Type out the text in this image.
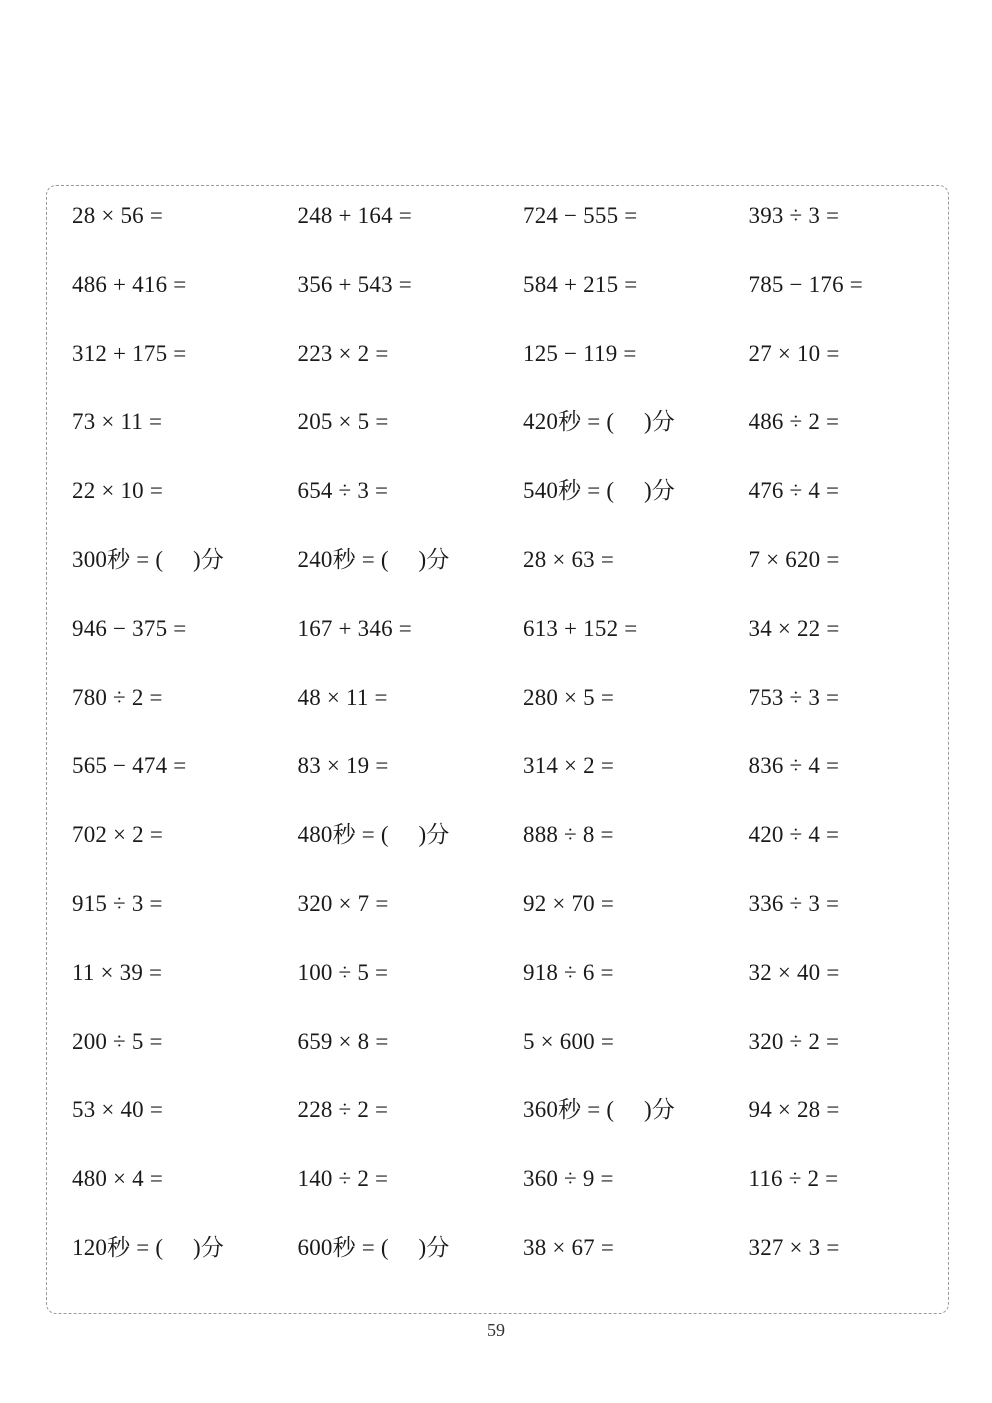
28 × 56 =	248 + 164 =	724 − 555 =	393 ÷ 3 =
486 + 416 =	356 + 543 =	584 + 215 =	785 − 176 =
312 + 175 =	223 × 2 =	125 − 119 =	27 × 10 =
73 × 11 =	205 × 5 =	420秒 = (     )分	486 ÷ 2 =
22 × 10 =	654 ÷ 3 =	540秒 = (     )分	476 ÷ 4 =
300秒 = (     )分	240秒 = (     )分	28 × 63 =	7 × 620 =
946 − 375 =	167 + 346 =	613 + 152 =	34 × 22 =
780 ÷ 2 =	48 × 11 =	280 × 5 =	753 ÷ 3 =
565 − 474 =	83 × 19 =	314 × 2 =	836 ÷ 4 =
702 × 2 =	480秒 = (     )分	888 ÷ 8 =	420 ÷ 4 =
915 ÷ 3 =	320 × 7 =	92 × 70 =	336 ÷ 3 =
11 × 39 =	100 ÷ 5 =	918 ÷ 6 =	32 × 40 =
200 ÷ 5 =	659 × 8 =	5 × 600 =	320 ÷ 2 =
53 × 40 =	228 ÷ 2 =	360秒 = (     )分	94 × 28 =
480 × 4 =	140 ÷ 2 =	360 ÷ 9 =	116 ÷ 2 =
120秒 = (     )分	600秒 = (     )分	38 × 67 =	327 × 3 =
59
